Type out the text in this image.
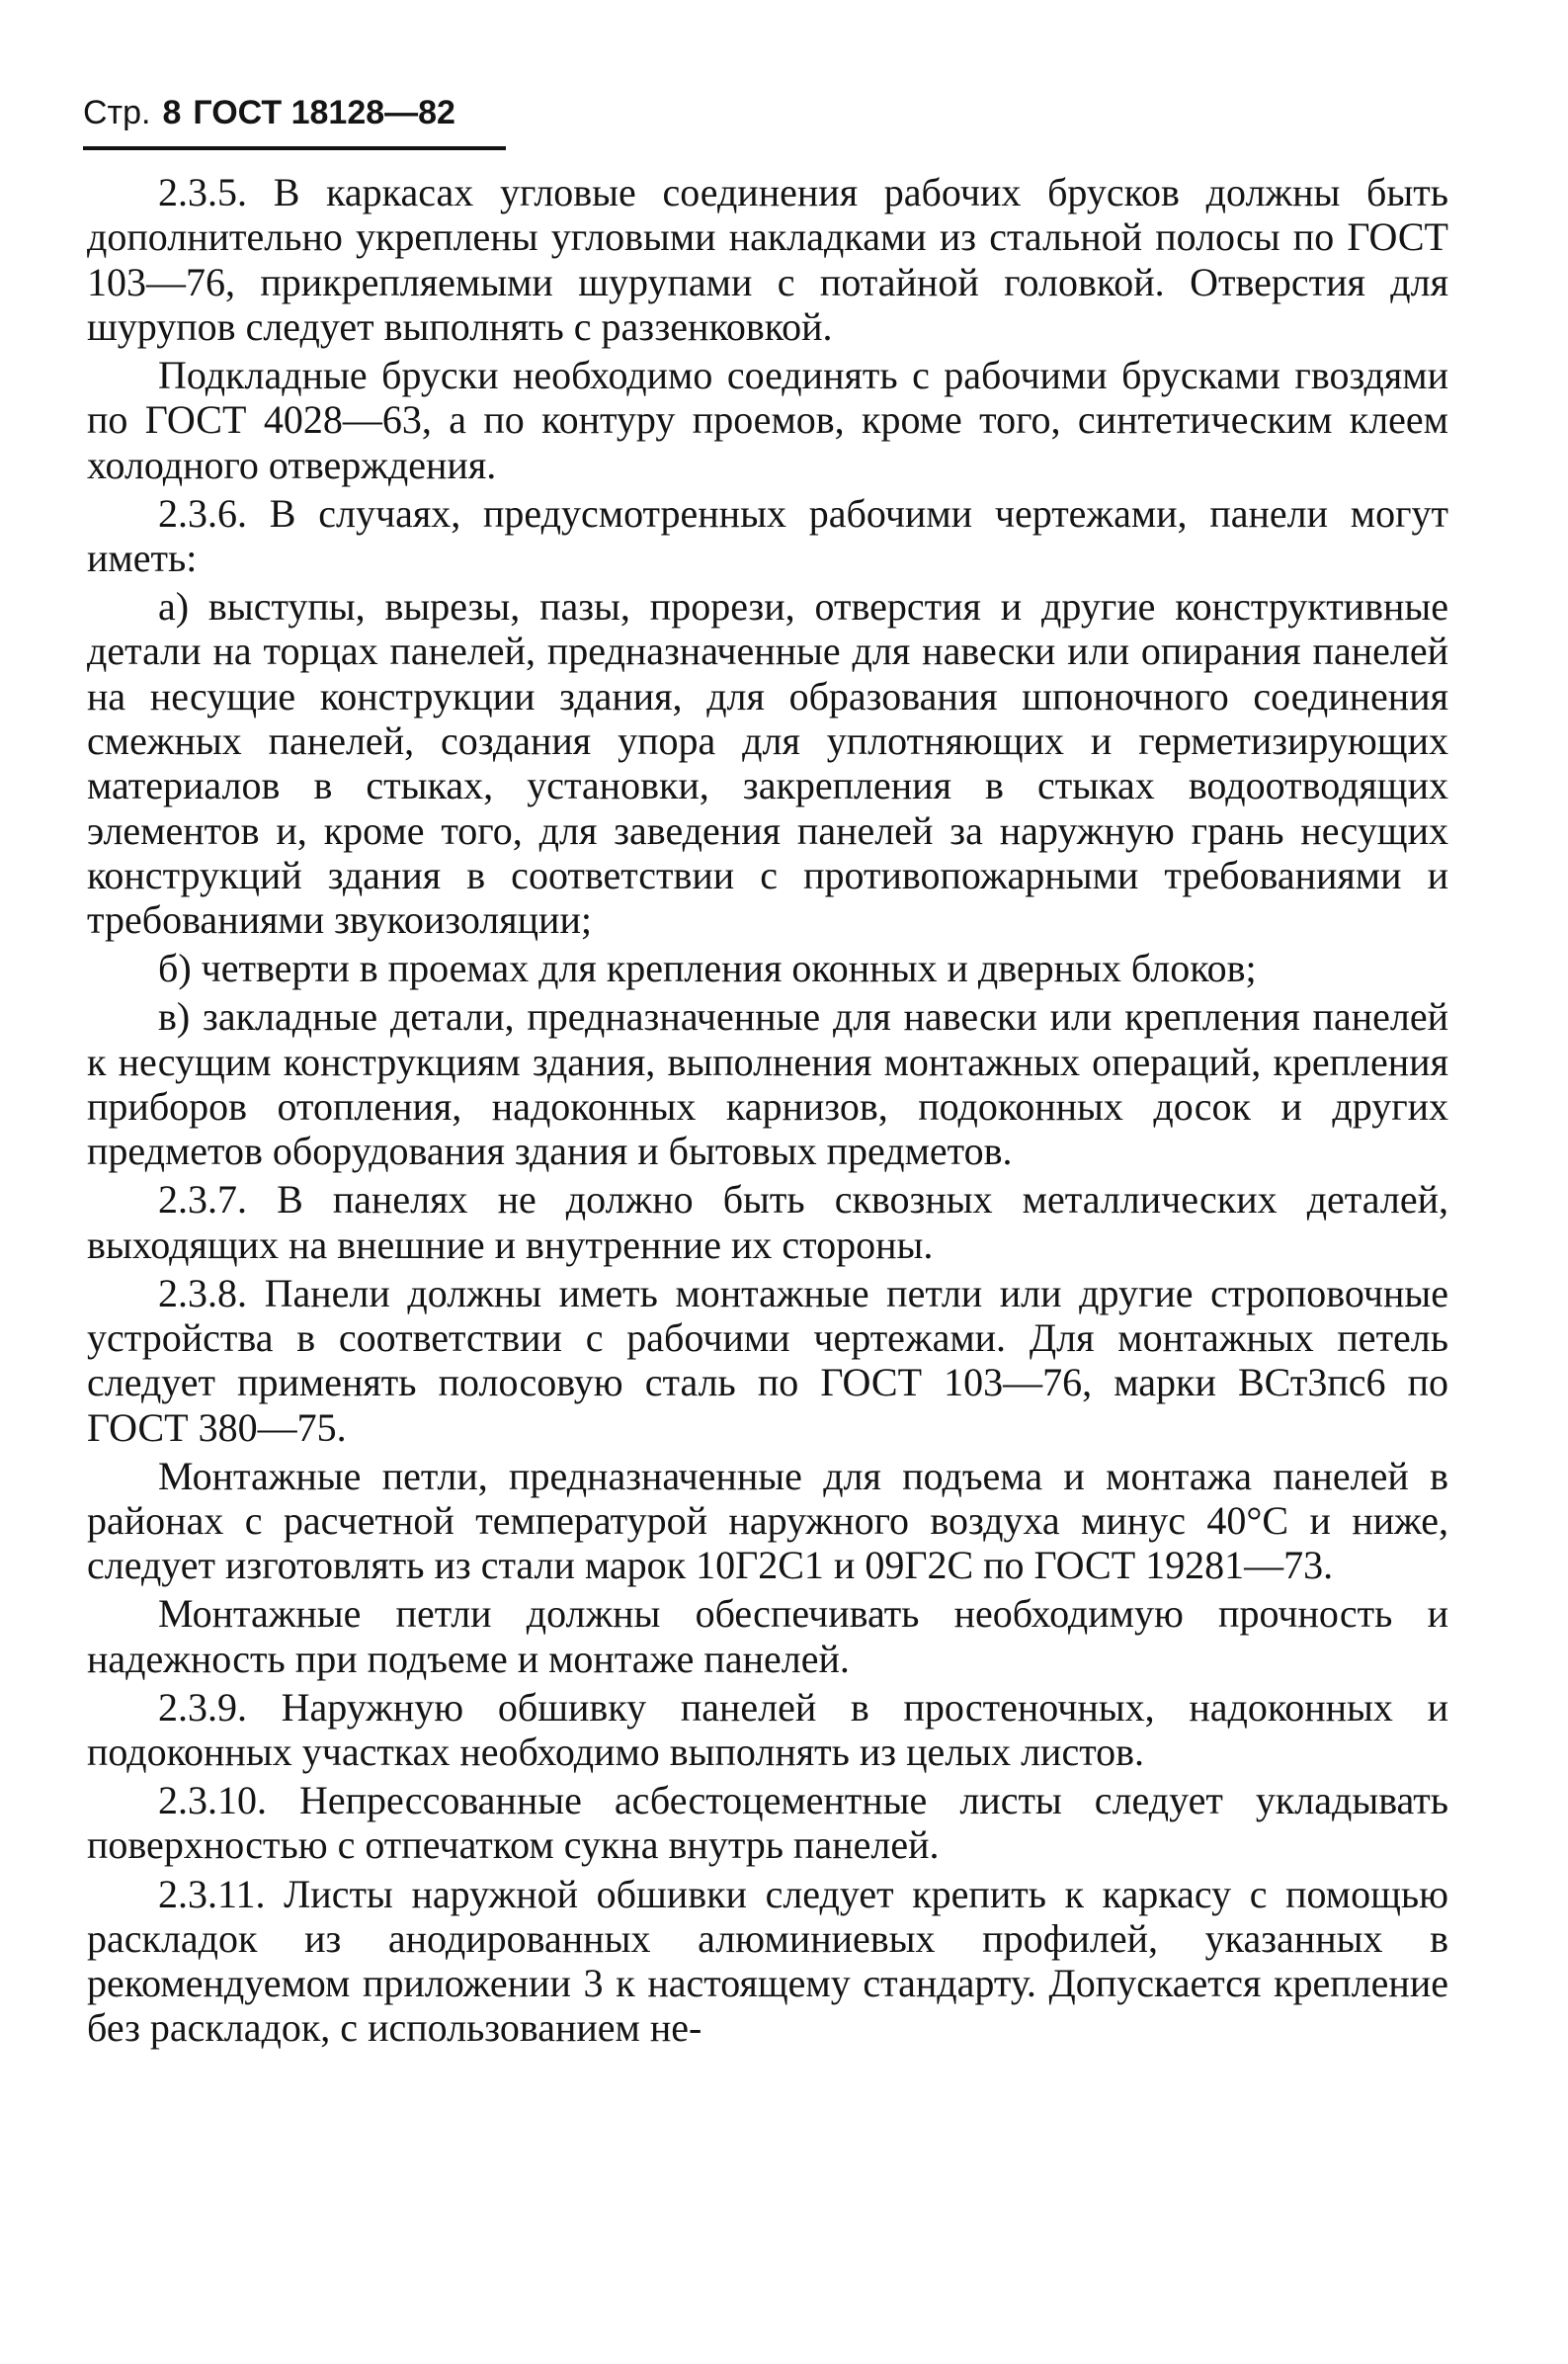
Стр. 8 ГОСТ 18128—82

2.3.5. В каркасах угловые соединения рабочих брусков должны быть дополнительно укреплены угловыми накладками из стальной полосы по ГОСТ 103—76, прикрепляемыми шурупами с потайной головкой. Отверстия для шурупов следует выполнять с раззенковкой.

Подкладные бруски необходимо соединять с рабочими брусками гвоздями по ГОСТ 4028—63, а по контуру проемов, кроме того, синтетическим клеем холодного отверждения.

2.3.6. В случаях, предусмотренных рабочими чертежами, панели могут иметь:

а) выступы, вырезы, пазы, прорези, отверстия и другие конструктивные детали на торцах панелей, предназначенные для навески или опирания панелей на несущие конструкции здания, для образования шпоночного соединения смежных панелей, создания упора для уплотняющих и герметизирующих материалов в стыках, установки, закрепления в стыках водоотводящих элементов и, кроме того, для заведения панелей за наружную грань несущих конструкций здания в соответствии с противопожарными требованиями и требованиями звукоизоляции;

б) четверти в проемах для крепления оконных и дверных блоков;

в) закладные детали, предназначенные для навески или крепления панелей к несущим конструкциям здания, выполнения монтажных операций, крепления приборов отопления, надоконных карнизов, подоконных досок и других предметов оборудования здания и бытовых предметов.

2.3.7. В панелях не должно быть сквозных металлических деталей, выходящих на внешние и внутренние их стороны.

2.3.8. Панели должны иметь монтажные петли или другие строповочные устройства в соответствии с рабочими чертежами. Для монтажных петель следует применять полосовую сталь по ГОСТ 103—76, марки ВСт3пс6 по ГОСТ 380—75.

Монтажные петли, предназначенные для подъема и монтажа панелей в районах с расчетной температурой наружного воздуха минус 40°С и ниже, следует изготовлять из стали марок 10Г2С1 и 09Г2С по ГОСТ 19281—73.

Монтажные петли должны обеспечивать необходимую прочность и надежность при подъеме и монтаже панелей.

2.3.9. Наружную обшивку панелей в простеночных, надоконных и подоконных участках необходимо выполнять из целых листов.

2.3.10. Непрессованные асбестоцементные листы следует укладывать поверхностью с отпечатком сукна внутрь панелей.

2.3.11. Листы наружной обшивки следует крепить к каркасу с помощью раскладок из анодированных алюминиевых профилей, указанных в рекомендуемом приложении 3 к настоящему стандарту. Допускается крепление без раскладок, с использованием не-
